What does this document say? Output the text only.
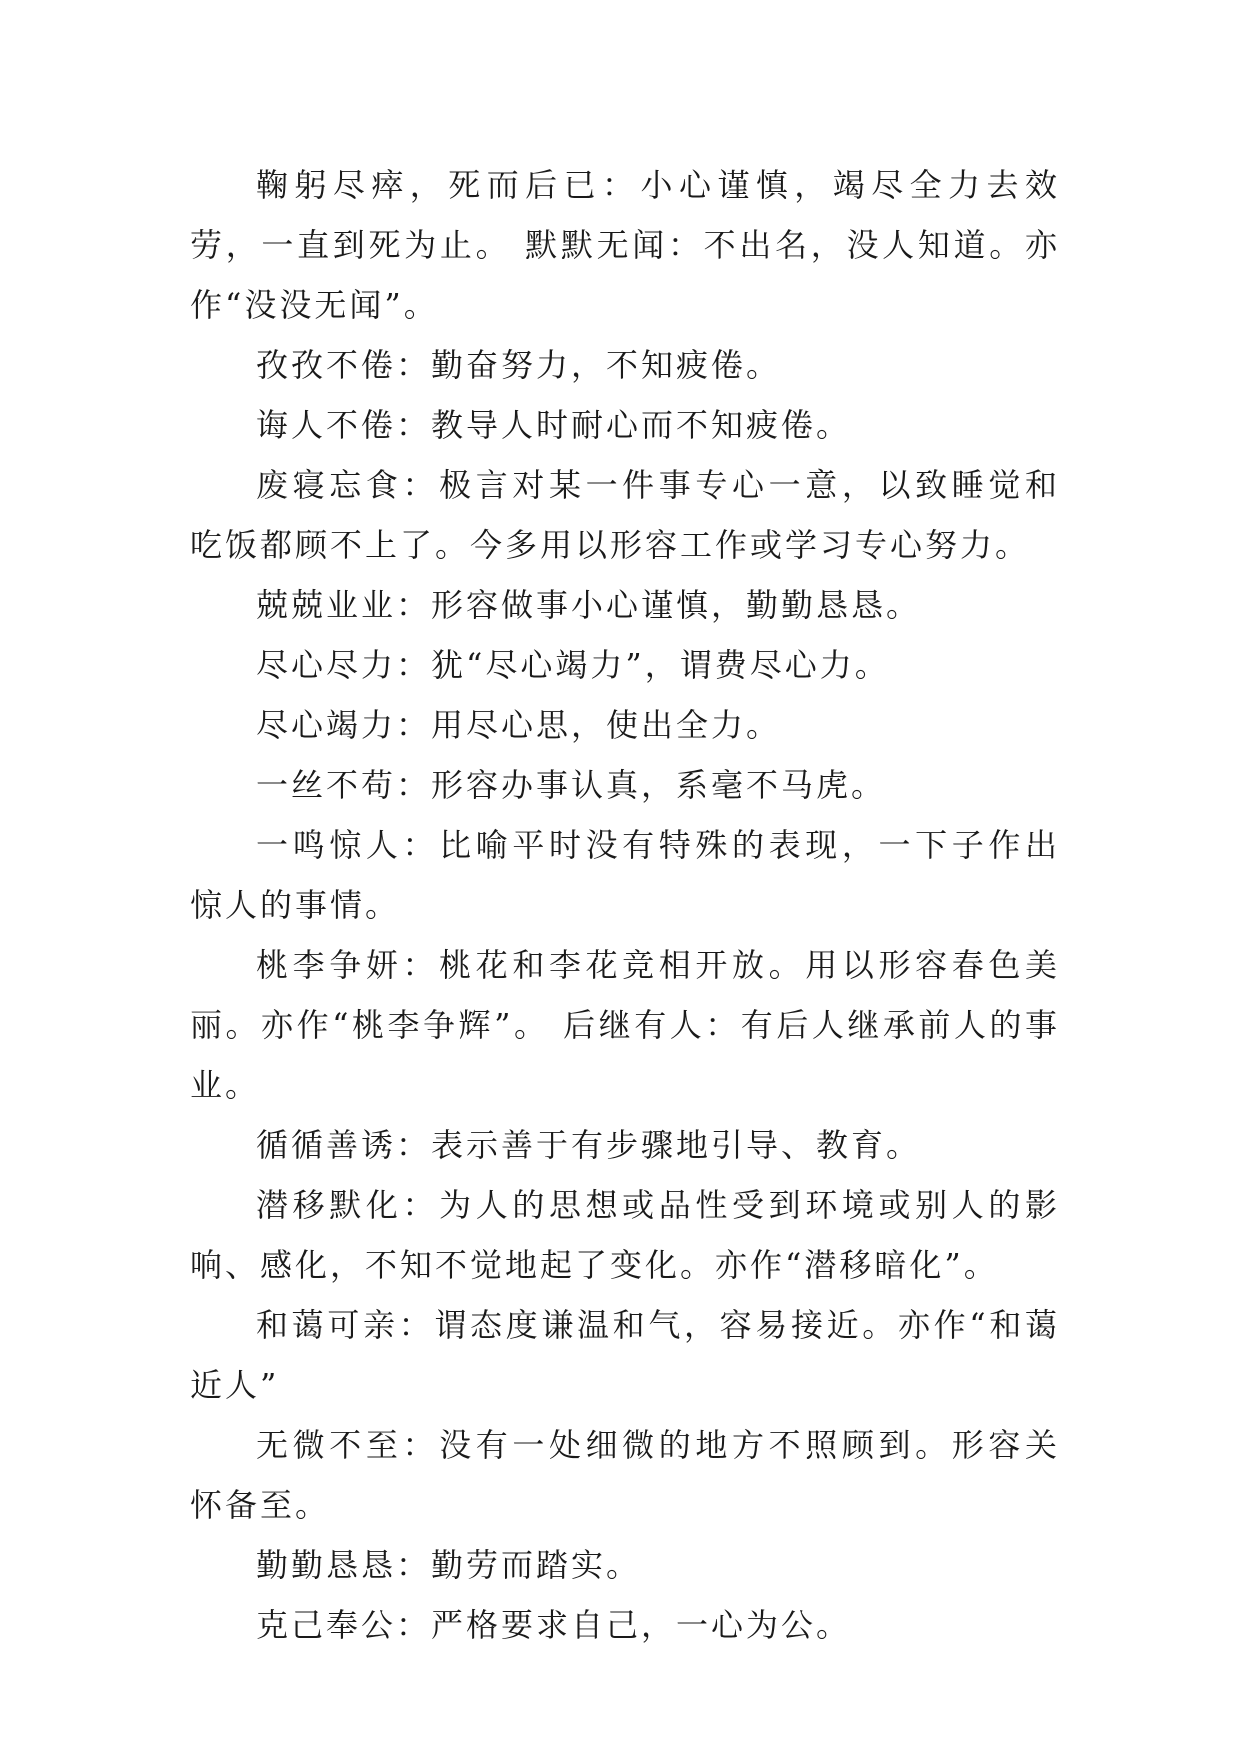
鞠躬尽瘁，死而后已：小心谨慎，竭尽全力去效劳，一直到死为止。 默默无闻：不出名，没人知道。亦作“没没无闻”。

孜孜不倦：勤奋努力，不知疲倦。

诲人不倦：教导人时耐心而不知疲倦。

废寝忘食：极言对某一件事专心一意，以致睡觉和吃饭都顾不上了。今多用以形容工作或学习专心努力。

兢兢业业：形容做事小心谨慎，勤勤恳恳。

尽心尽力：犹“尽心竭力”，谓费尽心力。

尽心竭力：用尽心思，使出全力。

一丝不苟：形容办事认真，系毫不马虎。

一鸣惊人：比喻平时没有特殊的表现，一下子作出惊人的事情。

桃李争妍：桃花和李花竞相开放。用以形容春色美丽。亦作“桃李争辉”。 后继有人：有后人继承前人的事业。

循循善诱：表示善于有步骤地引导、教育。

潜移默化：为人的思想或品性受到环境或别人的影响、感化，不知不觉地起了变化。亦作“潜移暗化”。

和蔼可亲：谓态度谦温和气，容易接近。亦作“和蔼近人”

无微不至：没有一处细微的地方不照顾到。形容关怀备至。

勤勤恳恳：勤劳而踏实。

克己奉公：严格要求自己，一心为公。
